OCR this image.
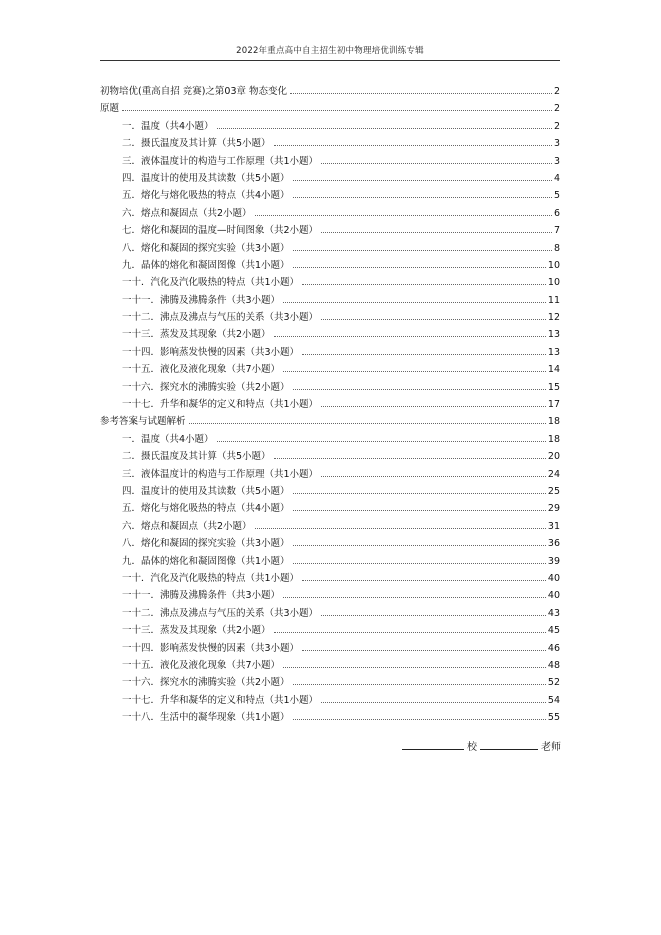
2022年重点高中自主招生初中物理培优训练专辑
初物培优(重高自招 竞赛)之第03章 物态变化	2
原题	2
一．温度（共4小题）	2
二．摄氏温度及其计算（共5小题）	3
三．液体温度计的构造与工作原理（共1小题）	3
四．温度计的使用及其读数（共5小题）	4
五．熔化与熔化吸热的特点（共4小题）	5
六．熔点和凝固点（共2小题）	6
七．熔化和凝固的温度—时间图象（共2小题）	7
八．熔化和凝固的探究实验（共3小题）	8
九．晶体的熔化和凝固图像（共1小题）	10
一十．汽化及汽化吸热的特点（共1小题）	10
一十一．沸腾及沸腾条件（共3小题）	11
一十二．沸点及沸点与气压的关系（共3小题）	12
一十三．蒸发及其现象（共2小题）	13
一十四．影响蒸发快慢的因素（共3小题）	13
一十五．液化及液化现象（共7小题）	14
一十六．探究水的沸腾实验（共2小题）	15
一十七．升华和凝华的定义和特点（共1小题）	17
参考答案与试题解析	18
一．温度（共4小题）	18
二．摄氏温度及其计算（共5小题）	20
三．液体温度计的构造与工作原理（共1小题）	24
四．温度计的使用及其读数（共5小题）	25
五．熔化与熔化吸热的特点（共4小题）	29
六．熔点和凝固点（共2小题）	31
八．熔化和凝固的探究实验（共3小题）	36
九．晶体的熔化和凝固图像（共1小题）	39
一十．汽化及汽化吸热的特点（共1小题）	40
一十一．沸腾及沸腾条件（共3小题）	40
一十二．沸点及沸点与气压的关系（共3小题）	43
一十三．蒸发及其现象（共2小题）	45
一十四．影响蒸发快慢的因素（共3小题）	46
一十五．液化及液化现象（共7小题）	48
一十六．探究水的沸腾实验（共2小题）	52
一十七．升华和凝华的定义和特点（共1小题）	54
一十八．生活中的凝华现象（共1小题）	55
校	老师
